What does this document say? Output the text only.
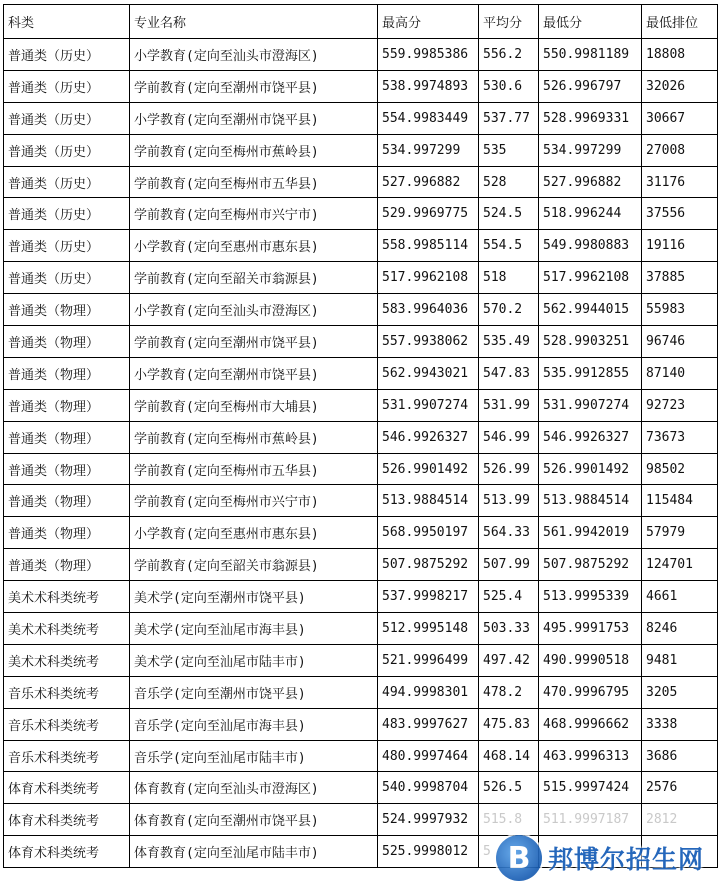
科类	专业名称	最高分	平均分	最低分	最低排位
普通类（历史）	小学教育(定向至汕头市澄海区)	559.9985386	556.2	550.9981189	18808
普通类（历史）	学前教育(定向至潮州市饶平县)	538.9974893	530.6	526.996797	32026
普通类（历史）	小学教育(定向至潮州市饶平县)	554.9983449	537.77	528.9969331	30667
普通类（历史）	学前教育(定向至梅州市蕉岭县)	534.997299	535	534.997299	27008
普通类（历史）	学前教育(定向至梅州市五华县)	527.996882	528	527.996882	31176
普通类（历史）	学前教育(定向至梅州市兴宁市)	529.9969775	524.5	518.996244	37556
普通类（历史）	小学教育(定向至惠州市惠东县)	558.9985114	554.5	549.9980883	19116
普通类（历史）	学前教育(定向至韶关市翁源县)	517.9962108	518	517.9962108	37885
普通类（物理）	小学教育(定向至汕头市澄海区)	583.9964036	570.2	562.9944015	55983
普通类（物理）	学前教育(定向至潮州市饶平县)	557.9938062	535.49	528.9903251	96746
普通类（物理）	小学教育(定向至潮州市饶平县)	562.9943021	547.83	535.9912855	87140
普通类（物理）	学前教育(定向至梅州市大埔县)	531.9907274	531.99	531.9907274	92723
普通类（物理）	学前教育(定向至梅州市蕉岭县)	546.9926327	546.99	546.9926327	73673
普通类（物理）	学前教育(定向至梅州市五华县)	526.9901492	526.99	526.9901492	98502
普通类（物理）	学前教育(定向至梅州市兴宁市)	513.9884514	513.99	513.9884514	115484
普通类（物理）	小学教育(定向至惠州市惠东县)	568.9950197	564.33	561.9942019	57979
普通类（物理）	学前教育(定向至韶关市翁源县)	507.9875292	507.99	507.9875292	124701
美术术科类统考	美术学(定向至潮州市饶平县)	537.9998217	525.4	513.9995339	4661
美术术科类统考	美术学(定向至汕尾市海丰县)	512.9995148	503.33	495.9991753	8246
美术术科类统考	美术学(定向至汕尾市陆丰市)	521.9996499	497.42	490.9990518	9481
音乐术科类统考	音乐学(定向至潮州市饶平县)	494.9998301	478.2	470.9996795	3205
音乐术科类统考	音乐学(定向至汕尾市海丰县)	483.9997627	475.83	468.9996662	3338
音乐术科类统考	音乐学(定向至汕尾市陆丰市)	480.9997464	468.14	463.9996313	3686
体育术科类统考	体育教育(定向至汕头市澄海区)	540.9998704	526.5	515.9997424	2576
体育术科类统考	体育教育(定向至潮州市饶平县)	524.9997932	515.8	511.9997187	2812
体育术科类统考	体育教育(定向至汕尾市陆丰市)	525.9998012	5		B 邦博尔招生网
